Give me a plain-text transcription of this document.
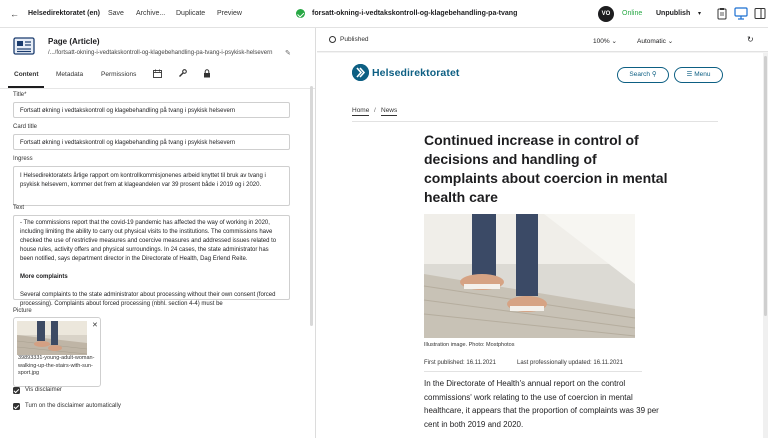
← Helsedirektoratet (en) Save Archive... Duplicate Preview	forsatt-okning-i-vedtakskontroll-og-klagebehandling-pa-tvang	VO	Online Unpublish ▾
Page (Article)
/.../fortsatt-okning-i-vedtakskontroll-og-klagebehandling-pa-tvang-i-psykisk-helsevern	✎
Content	Metadata	Permissions
Title*
Fortsatt økning i vedtakskontroll og klagebehandling på tvang i psykisk helsevern
Card title
Fortsatt økning i vedtakskontroll og klagebehandling på tvang i psykisk helsevern
Ingress
I Helsedirektoratets årlige rapport om kontrollkommisjonenes arbeid knyttet til bruk av tvang i psykisk helsevern, kommer det frem at klageandelen var 39 prosent både i 2019 og i 2020.
Text

- The commissions report that the covid-19 pandemic has affected the way of working in 2020, including limiting the ability to carry out physical visits to the institutions. The commissions have checked the use of restrictive measures and coercive measures and addressed issues related to house rules, activity offers and physical surroundings. In 24 cases, the state administrator has been notified, says department director in the Directorate of Health, Dag Erlend Reite.

More complaints

Several complaints to the state administrator about processing without their own consent (forced processing). Complaints about forced processing (nbhl. section 4-4) must be

Picture
✕
39893331-young-adult-woman-walking-up-the-stairs-with-sun-sport.jpg
Vis disclaimer
Turn on the disclaimer automatically
Published	100% ⌄	Automatic ⌄	↻
Helsedirektoratet	Search ⚲	☰ Menu
Home / News
Continued increase in control of decisions and handling of complaints about coercion in mental health care
Illustration image. Photo: Mostphotos
First published: 16.11.2021	Last professionally updated: 16.11.2021

In the Directorate of Health's annual report on the control commissions' work relating to the use of coercion in mental healthcare, it appears that the proportion of complaints was 39 per cent in both 2019 and 2020.
